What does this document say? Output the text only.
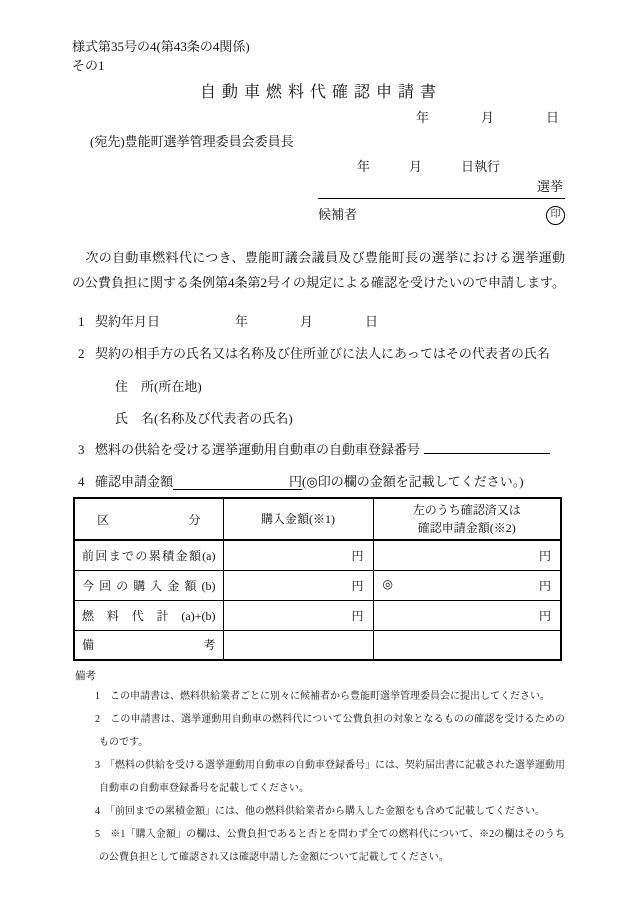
様式第35号の4(第43条の4関係)
その1
自 動 車 燃 料 代 確 認 申 請 書
年　　　　月　　　　日
(宛先)豊能町選挙管理委員会委員長
年　　　月　　　日執行
選挙
候補者	印

　次の自動車燃料代につき、豊能町議会議員及び豊能町長の選挙における選挙運動の公費負担に関する条例第4条第2号イの規定による確認を受けたいので申請します。

1 契約年月日	年　　　　月　　　　日
2 契約の相手方の氏名又は名称及び住所並びに法人にあってはその代表者の氏名
住　所(所在地)
氏　名(名称及び代表者の氏名)
3 燃料の供給を受ける選挙運動用自動車の自動車登録番号
4 確認申請金額	円(◎印の欄の金額を記載してください。)
区分	購入金額(※1)	左のうち確認済又は
確認申請金額(※2)

前回までの累積金額(a)	円	円

今回の購入金額(b)	円	◎ 円

燃料代計(a)+(b)	円	円

備考		
備考
1　この申請書は、燃料供給業者ごとに別々に候補者から豊能町選挙管理委員会に提出してください。
2　この申請書は、選挙運動用自動車の燃料代について公費負担の対象となるものの確認を受けるためのものです。
3　「燃料の供給を受ける選挙運動用自動車の自動車登録番号」には、契約届出書に記載された選挙運動用自動車の自動車登録番号を記載してください。
4　「前回までの累積金額」には、他の燃料供給業者から購入した金額をも含めて記載してください。
5　※1「購入金額」の欄は、公費負担であると否とを問わず全ての燃料代について、※2の欄はそのうちの公費負担として確認され又は確認申請した金額について記載してください。
